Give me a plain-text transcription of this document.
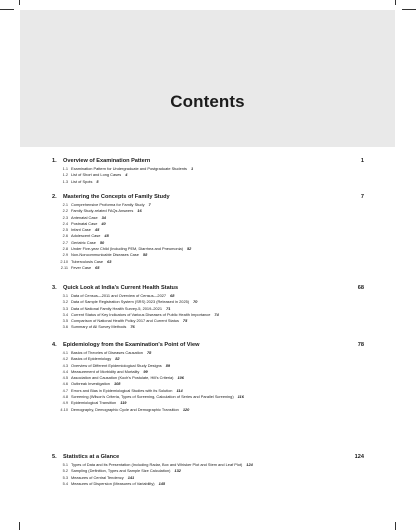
Contents
1.	Overview of Examination Pattern	1
1.1 Examination Pattern for Undergraduate and Postgraduate Students 1
1.2 List of Short and Long Cases 4
1.3 List of Spots 5
2.	Mastering the Concepts of Family Study	7
2.1 Comprehensive Proforma for Family Study 7
2.2 Family Study-related FAQs Answers 16
2.3 Antenatal Case 34
2.4 Postnatal Case 40
2.5 Infant Case 45
2.6 Adolescent Case 48
2.7 Geriatric Case 50
2.8 Under Five-year Child (Including PEM, Diarrhea and Pneumonia) 52
2.9 Non-Noncommunicable Diseases Case 58
2.10 Tuberculosis Case 63
2.11 Fever Case 65
3.	Quick Look at India's Current Health Status	68
3.1 Data of Census—2011 and Overview of Census—2027 68
3.2 Data of Sample Registration System (SRS) 2023 (Released in 2025) 70
3.3 Data of National Family Health Survey-5, 2019–2021 71
3.4 Current Status of Key Indicators of Various Diseases of Public Health Importance 74
3.5 Comparison of National Health Policy 2017 and Current Status 75
3.6 Summary of All Survey Methods 76
4.	Epidemiology from the Examination's Point of View	78
4.1 Basics of Theories of Diseases Causation 78
4.2 Basics of Epidemiology 82
4.3 Overview of Different Epidemiological Study Designs 89
4.4 Measurement of Morbidity and Mortality 99
4.5 Association and Causation (Koch's Postulate, Hill's Criteria) 106
4.6 Outbreak Investigation 108
4.7 Errors and Bias in Epidemiological Studies with its Solution 114
4.8 Screening (Wilson's Criteria, Types of Screening, Calculation of Series and Parallel Screening) 116
4.9 Epidemiological Transition 119
4.10 Demography, Demographic Cycle and Demographic Transition 120
5.	Statistics at a Glance	124
5.1 Types of Data and its Presentation (Including Radar, Box and Whisker Plot and Stem and Leaf Plot) 124
5.2 Sampling (Definition, Types and Sample Size Calculation) 132
5.3 Measures of Central Tendency 141
5.4 Measures of Dispersion (Measures of Variability) 145
